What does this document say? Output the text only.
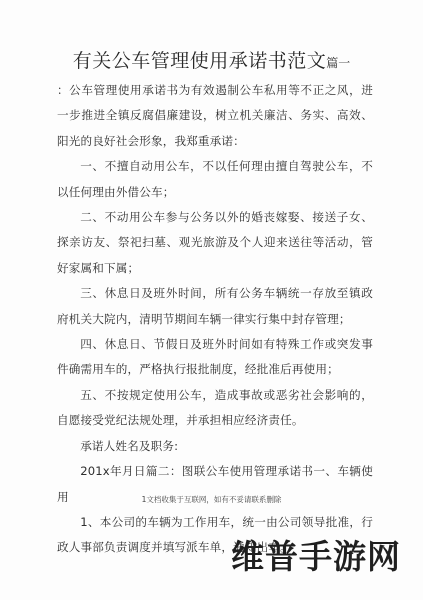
有关公车管理使用承诺书范文篇一

：公车管理使用承诺书为有效遏制公车私用等不正之风，进一步推进全镇反腐倡廉建设，树立机关廉洁、务实、高效、阳光的良好社会形象，我郑重承诺：

一、不擅自动用公车，不以任何理由擅自驾驶公车，不以任何理由外借公车；

二、不动用公车参与公务以外的婚丧嫁娶、接送子女、探亲访友、祭祀扫墓、观光旅游及个人迎来送往等活动，管好家属和下属；

三、休息日及班外时间，所有公务车辆统一存放至镇政府机关大院内，清明节期间车辆一律实行集中封存管理；

四、休息日、节假日及班外时间如有特殊工作或突发事件确需用车的，严格执行报批制度，经批准后再使用；

五、不按规定使用公车，造成事故或恶劣社会影响的，自愿接受党纪法规处理，并承担相应经济责任。

承诺人姓名及职务:

201x年月日篇二：图联公车使用管理承诺书一、车辆使用

1、本公司的车辆为工作用车，统一由公司领导批准，行政人事部负责调度并填写派车单，通知出车。

1文档收集于互联网，如有不妥请联系删除
维普手游网
